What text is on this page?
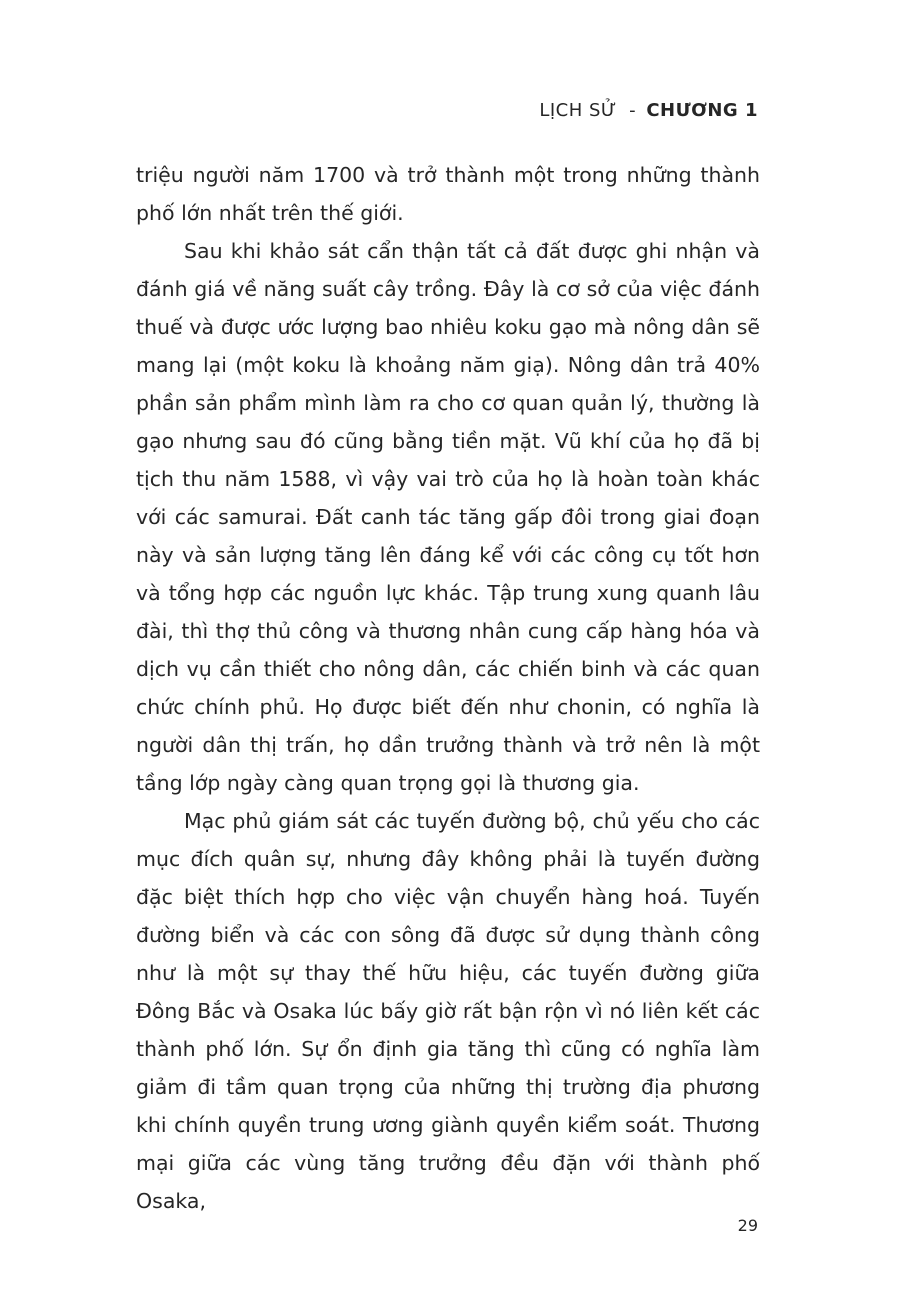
LỊCH SỬ - CHƯƠNG 1

triệu người năm 1700 và trở thành một trong những thành phố lớn nhất trên thế giới.

Sau khi khảo sát cẩn thận tất cả đất được ghi nhận và đánh giá về năng suất cây trồng. Đây là cơ sở của việc đánh thuế và được ước lượng bao nhiêu koku gạo mà nông dân sẽ mang lại (một koku là khoảng năm giạ). Nông dân trả 40% phần sản phẩm mình làm ra cho cơ quan quản lý, thường là gạo nhưng sau đó cũng bằng tiền mặt. Vũ khí của họ đã bị tịch thu năm 1588, vì vậy vai trò của họ là hoàn toàn khác với các samurai. Đất canh tác tăng gấp đôi trong giai đoạn này và sản lượng tăng lên đáng kể với các công cụ tốt hơn và tổng hợp các nguồn lực khác. Tập trung xung quanh lâu đài, thì thợ thủ công và thương nhân cung cấp hàng hóa và dịch vụ cần thiết cho nông dân, các chiến binh và các quan chức chính phủ. Họ được biết đến như chonin, có nghĩa là người dân thị trấn, họ dần trưởng thành và trở nên là một tầng lớp ngày càng quan trọng gọi là thương gia.

Mạc phủ giám sát các tuyến đường bộ, chủ yếu cho các mục đích quân sự, nhưng đây không phải là tuyến đường đặc biệt thích hợp cho việc vận chuyển hàng hoá. Tuyến đường biển và các con sông đã được sử dụng thành công như là một sự thay thế hữu hiệu, các tuyến đường giữa Đông Bắc và Osaka lúc bấy giờ rất bận rộn vì nó liên kết các thành phố lớn. Sự ổn định gia tăng thì cũng có nghĩa làm giảm đi tầm quan trọng của những thị trường địa phương khi chính quyền trung ương giành quyền kiểm soát. Thương mại giữa các vùng tăng trưởng đều đặn với thành phố Osaka,

29
